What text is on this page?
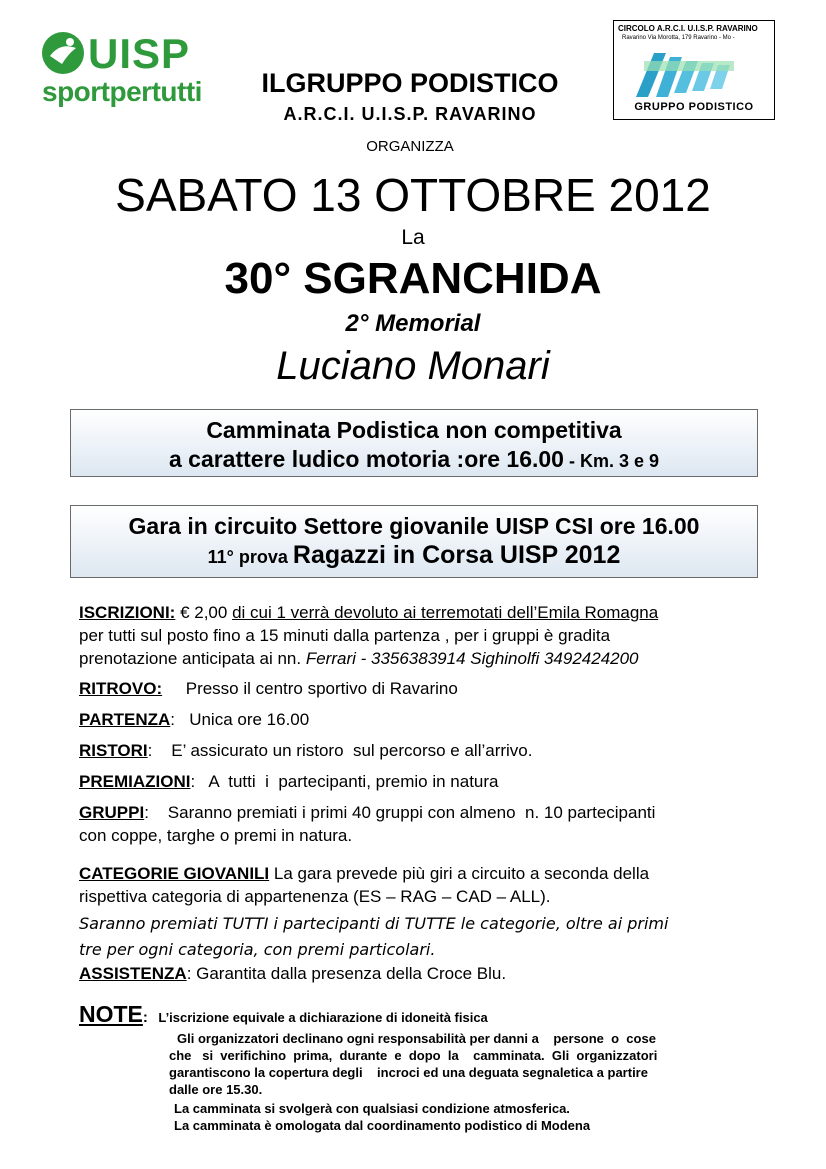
UISP
sportpertutti
CIRCOLO A.R.C.I. U.I.S.P. RAVARINO
Ravarino Via Morotta, 179 Ravarino - Mo -
GRUPPO PODISTICO
ILGRUPPO PODISTICO
A.R.C.I. U.I.S.P. RAVARINO
ORGANIZZA
SABATO 13 OTTOBRE 2012
La
30° SGRANCHIDA
2° Memorial
Luciano Monari
Camminata Podistica non competitiva
a carattere ludico motoria :ore 16.00 - Km. 3 e 9
Gara in circuito Settore giovanile UISP CSI ore 16.00
11° prova Ragazzi in Corsa UISP 2012
ISCRIZIONI: € 2,00 di cui 1 verrà devoluto ai terremotati dell’Emila Romagna
per tutti sul posto fino a 15 minuti dalla partenza , per i gruppi è gradita
prenotazione anticipata ai nn. Ferrari - 3356383914 Sighinolfi 3492424200
RITROVO:     Presso il centro sportivo di Ravarino
PARTENZA:   Unica ore 16.00
RISTORI:    E’ assicurato un ristoro  sul percorso e all’arrivo.
PREMIAZIONI:   A  tutti  i  partecipanti, premio in natura
GRUPPI:    Saranno premiati i primi 40 gruppi con almeno  n. 10 partecipanti
con coppe, targhe o premi in natura.
CATEGORIE GIOVANILI La gara prevede più giri a circuito a seconda della
rispettiva categoria di appartenenza (ES – RAG – CAD – ALL).
Saranno premiati TUTTI i partecipanti di TUTTE le categorie, oltre ai primi
tre per ogni categoria, con premi particolari.
ASSISTENZA: Garantita dalla presenza della Croce Blu.
NOTE: L’iscrizione equivale a dichiarazione di idoneità fisica
Gli organizzatori declinano ogni responsabilità per danni a    persone  o  cose
che   si  verifichino  prima,  durante  e  dopo  la    camminata.  Gli  organizzatori
garantiscono la copertura degli    incroci ed una deguata segnaletica a partire
dalle ore 15.30.
La camminata si svolgerà con qualsiasi condizione atmosferica.
La camminata è omologata dal coordinamento podistico di Modena
